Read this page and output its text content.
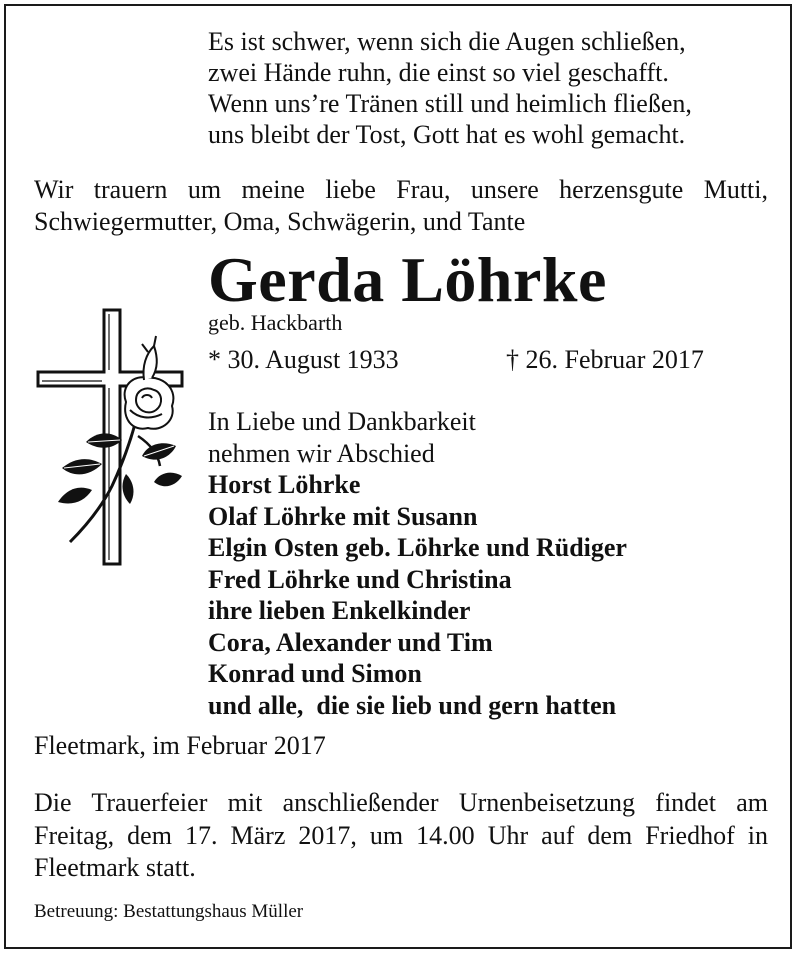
Es ist schwer, wenn sich die Augen schließen,
zwei Hände ruhn, die einst so viel geschafft.
Wenn uns’re Tränen still und heimlich fließen,
uns bleibt der Tost, Gott hat es wohl gemacht.

Wir trauern um meine liebe Frau, unsere herzensgute Mutti, Schwiegermutter, Oma, Schwägerin, und Tante

Gerda Löhrke
geb. Hackbarth
* 30. August 1933	† 26. Februar 2017
In Liebe und Dankbarkeit
nehmen wir Abschied
Horst Löhrke
Olaf Löhrke mit Susann
Elgin Osten geb. Löhrke und Rüdiger
Fred Löhrke und Christina
ihre lieben Enkelkinder
Cora, Alexander und Tim
Konrad und Simon
und alle,  die sie lieb und gern hatten
Fleetmark, im Februar 2017

Die Trauerfeier mit anschließender Urnenbeisetzung findet am Freitag, dem 17. März 2017, um 14.00 Uhr auf dem Friedhof in Fleetmark statt.

Betreuung: Bestattungshaus Müller
